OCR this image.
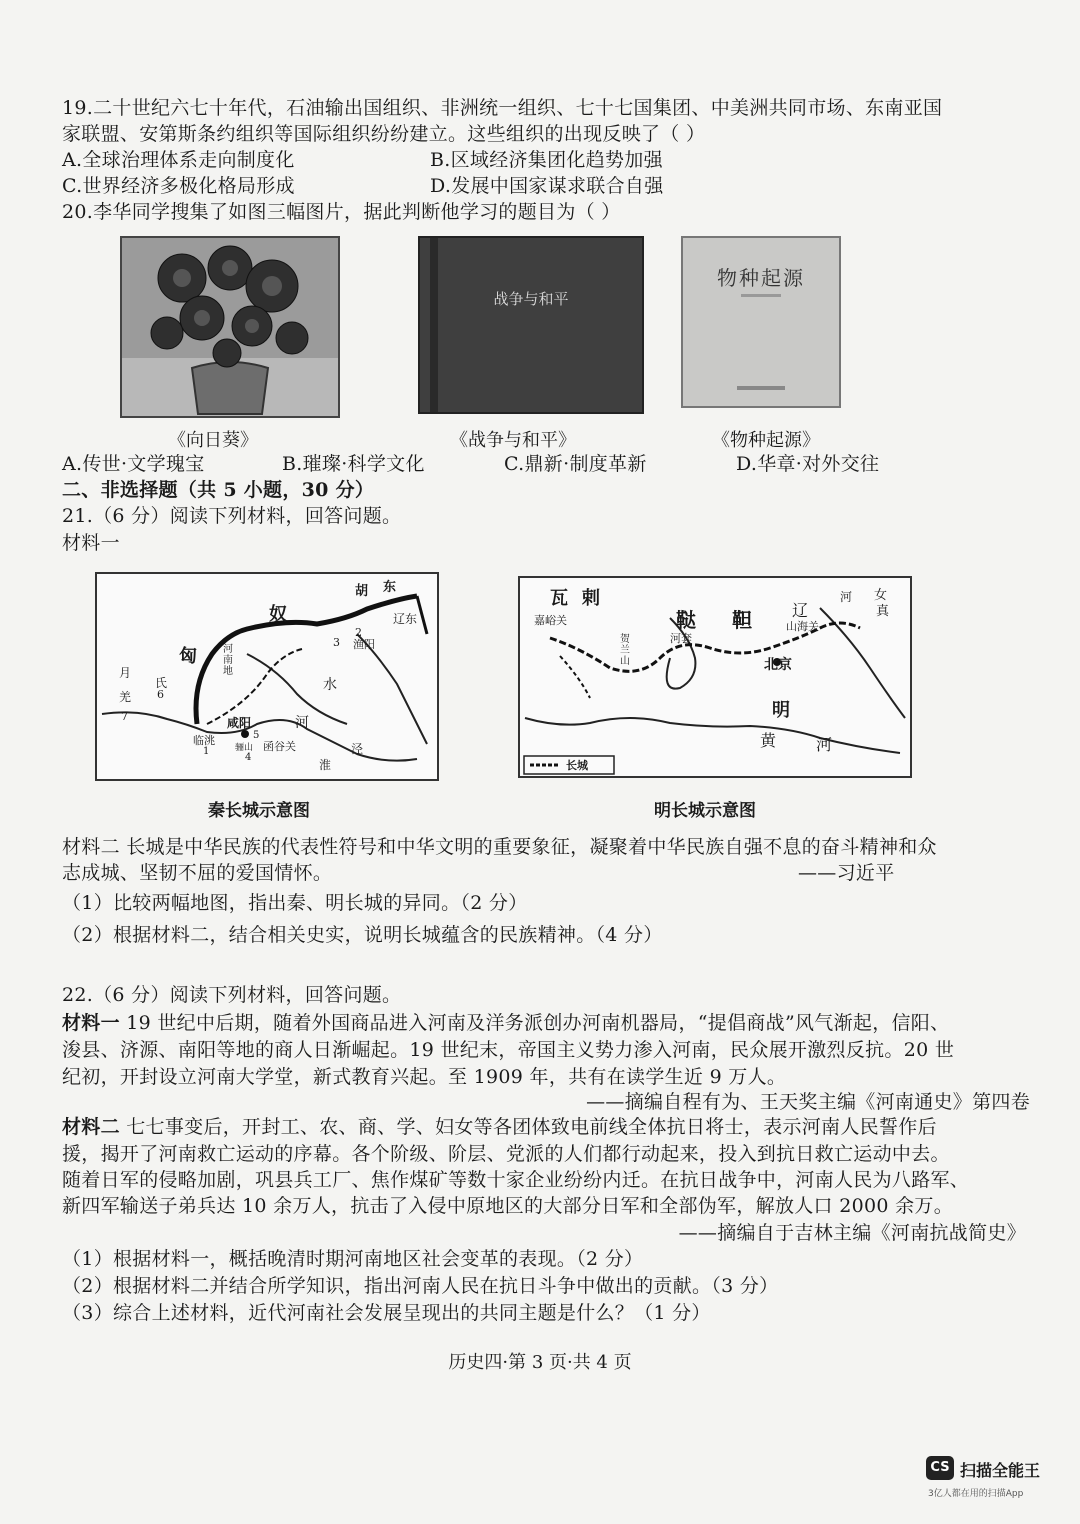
19.二十世纪六七十年代，石油输出国组织、非洲统一组织、七十七国集团、中美洲共同市场、东南亚国
家联盟、安第斯条约组织等国际组织纷纷建立。这些组织的出现反映了（ ）
A.全球治理体系走向制度化	B.区域经济集团化趋势加强
C.世界经济多极化格局形成	D.发展中国家谋求联合自强
20.李华同学搜集了如图三幅图片，据此判断他学习的题目为（ ）
战争与和平
物种起源
《向日葵》	《战争与和平》	《物种起源》
A.传世·文学瑰宝	B.璀璨·科学文化	C.鼎新·制度革新	D.华章·对外交往
二、非选择题（共 5 小题，30 分）
21.（6 分）阅读下列材料，回答问题。
材料一
胡 东
奴	辽东
匈
2
渔阳
3
河南地
月
氏
6
水
河
羌
7
临洮
咸阳
5
函谷关	泾
淮
4
骊山
1
瓦 剌
鞑 靼	辽
河 女
真
嘉峪关	山海关
贺兰山
河套
北京
明
黄 河
长城
秦长城示意图	明长城示意图
材料二 长城是中华民族的代表性符号和中华文明的重要象征，凝聚着中华民族自强不息的奋斗精神和众
志成城、坚韧不屈的爱国情怀。	——习近平
（1）比较两幅地图，指出秦、明长城的异同。（2 分）
（2）根据材料二，结合相关史实，说明长城蕴含的民族精神。（4 分）
22.（6 分）阅读下列材料，回答问题。
材料一 19 世纪中后期，随着外国商品进入河南及洋务派创办河南机器局，“提倡商战”风气渐起，信阳、
浚县、济源、南阳等地的商人日渐崛起。19 世纪末，帝国主义势力渗入河南，民众展开激烈反抗。20 世
纪初，开封设立河南大学堂，新式教育兴起。至 1909 年，共有在读学生近 9 万人。
——摘编自程有为、王天奖主编《河南通史》第四卷
材料二 七七事变后，开封工、农、商、学、妇女等各团体致电前线全体抗日将士，表示河南人民誓作后
援，揭开了河南救亡运动的序幕。各个阶级、阶层、党派的人们都行动起来，投入到抗日救亡运动中去。
随着日军的侵略加剧，巩县兵工厂、焦作煤矿等数十家企业纷纷内迁。在抗日战争中，河南人民为八路军、
新四军输送子弟兵达 10 余万人，抗击了入侵中原地区的大部分日军和全部伪军，解放人口 2000 余万。
——摘编自于吉林主编《河南抗战简史》
（1）根据材料一，概括晚清时期河南地区社会变革的表现。（2 分）
（2）根据材料二并结合所学知识，指出河南人民在抗日斗争中做出的贡献。（3 分）
（3）综合上述材料，近代河南社会发展呈现出的共同主题是什么？（1 分）
历史四·第 3 页·共 4 页
CS 扫描全能王
3亿人都在用的扫描App
